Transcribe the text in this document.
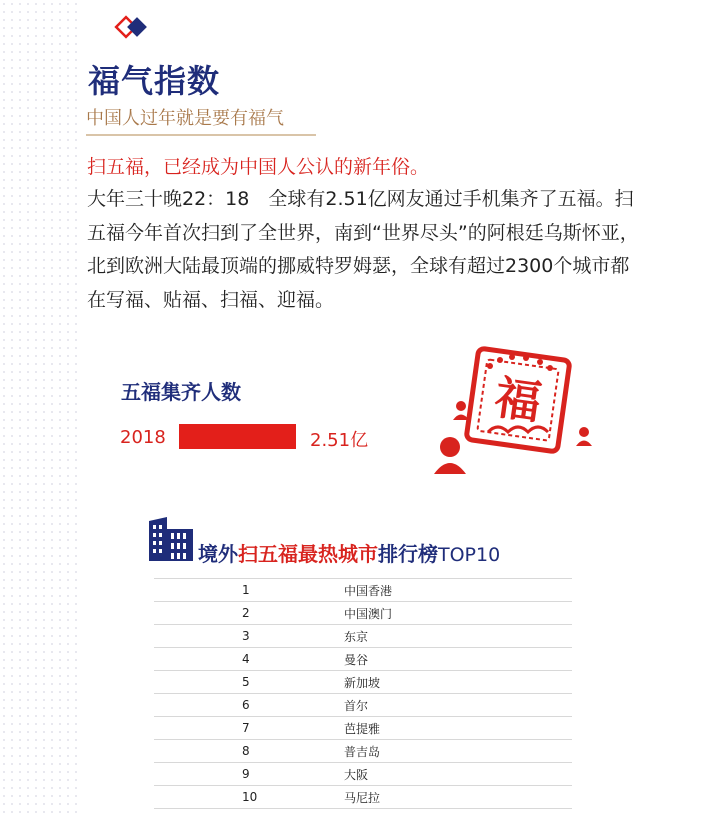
福气指数
中国人过年就是要有福气
扫五福，已经成为中国人公认的新年俗。
大年三十晚22：18　全球有2.51亿网友通过手机集齐了五福。扫五福今年首次扫到了全世界，南到“世界尽头”的阿根廷乌斯怀亚，北到欧洲大陆最顶端的挪威特罗姆瑟，全球有超过2300个城市都在写福、贴福、扫福、迎福。
五福集齐人数
2018	2.51亿
福
境外扫五福最热城市排行榜TOP10
1	中国香港
2	中国澳门
3	东京
4	曼谷
5	新加坡
6	首尔
7	芭提雅
8	普吉岛
9	大阪
10	马尼拉
